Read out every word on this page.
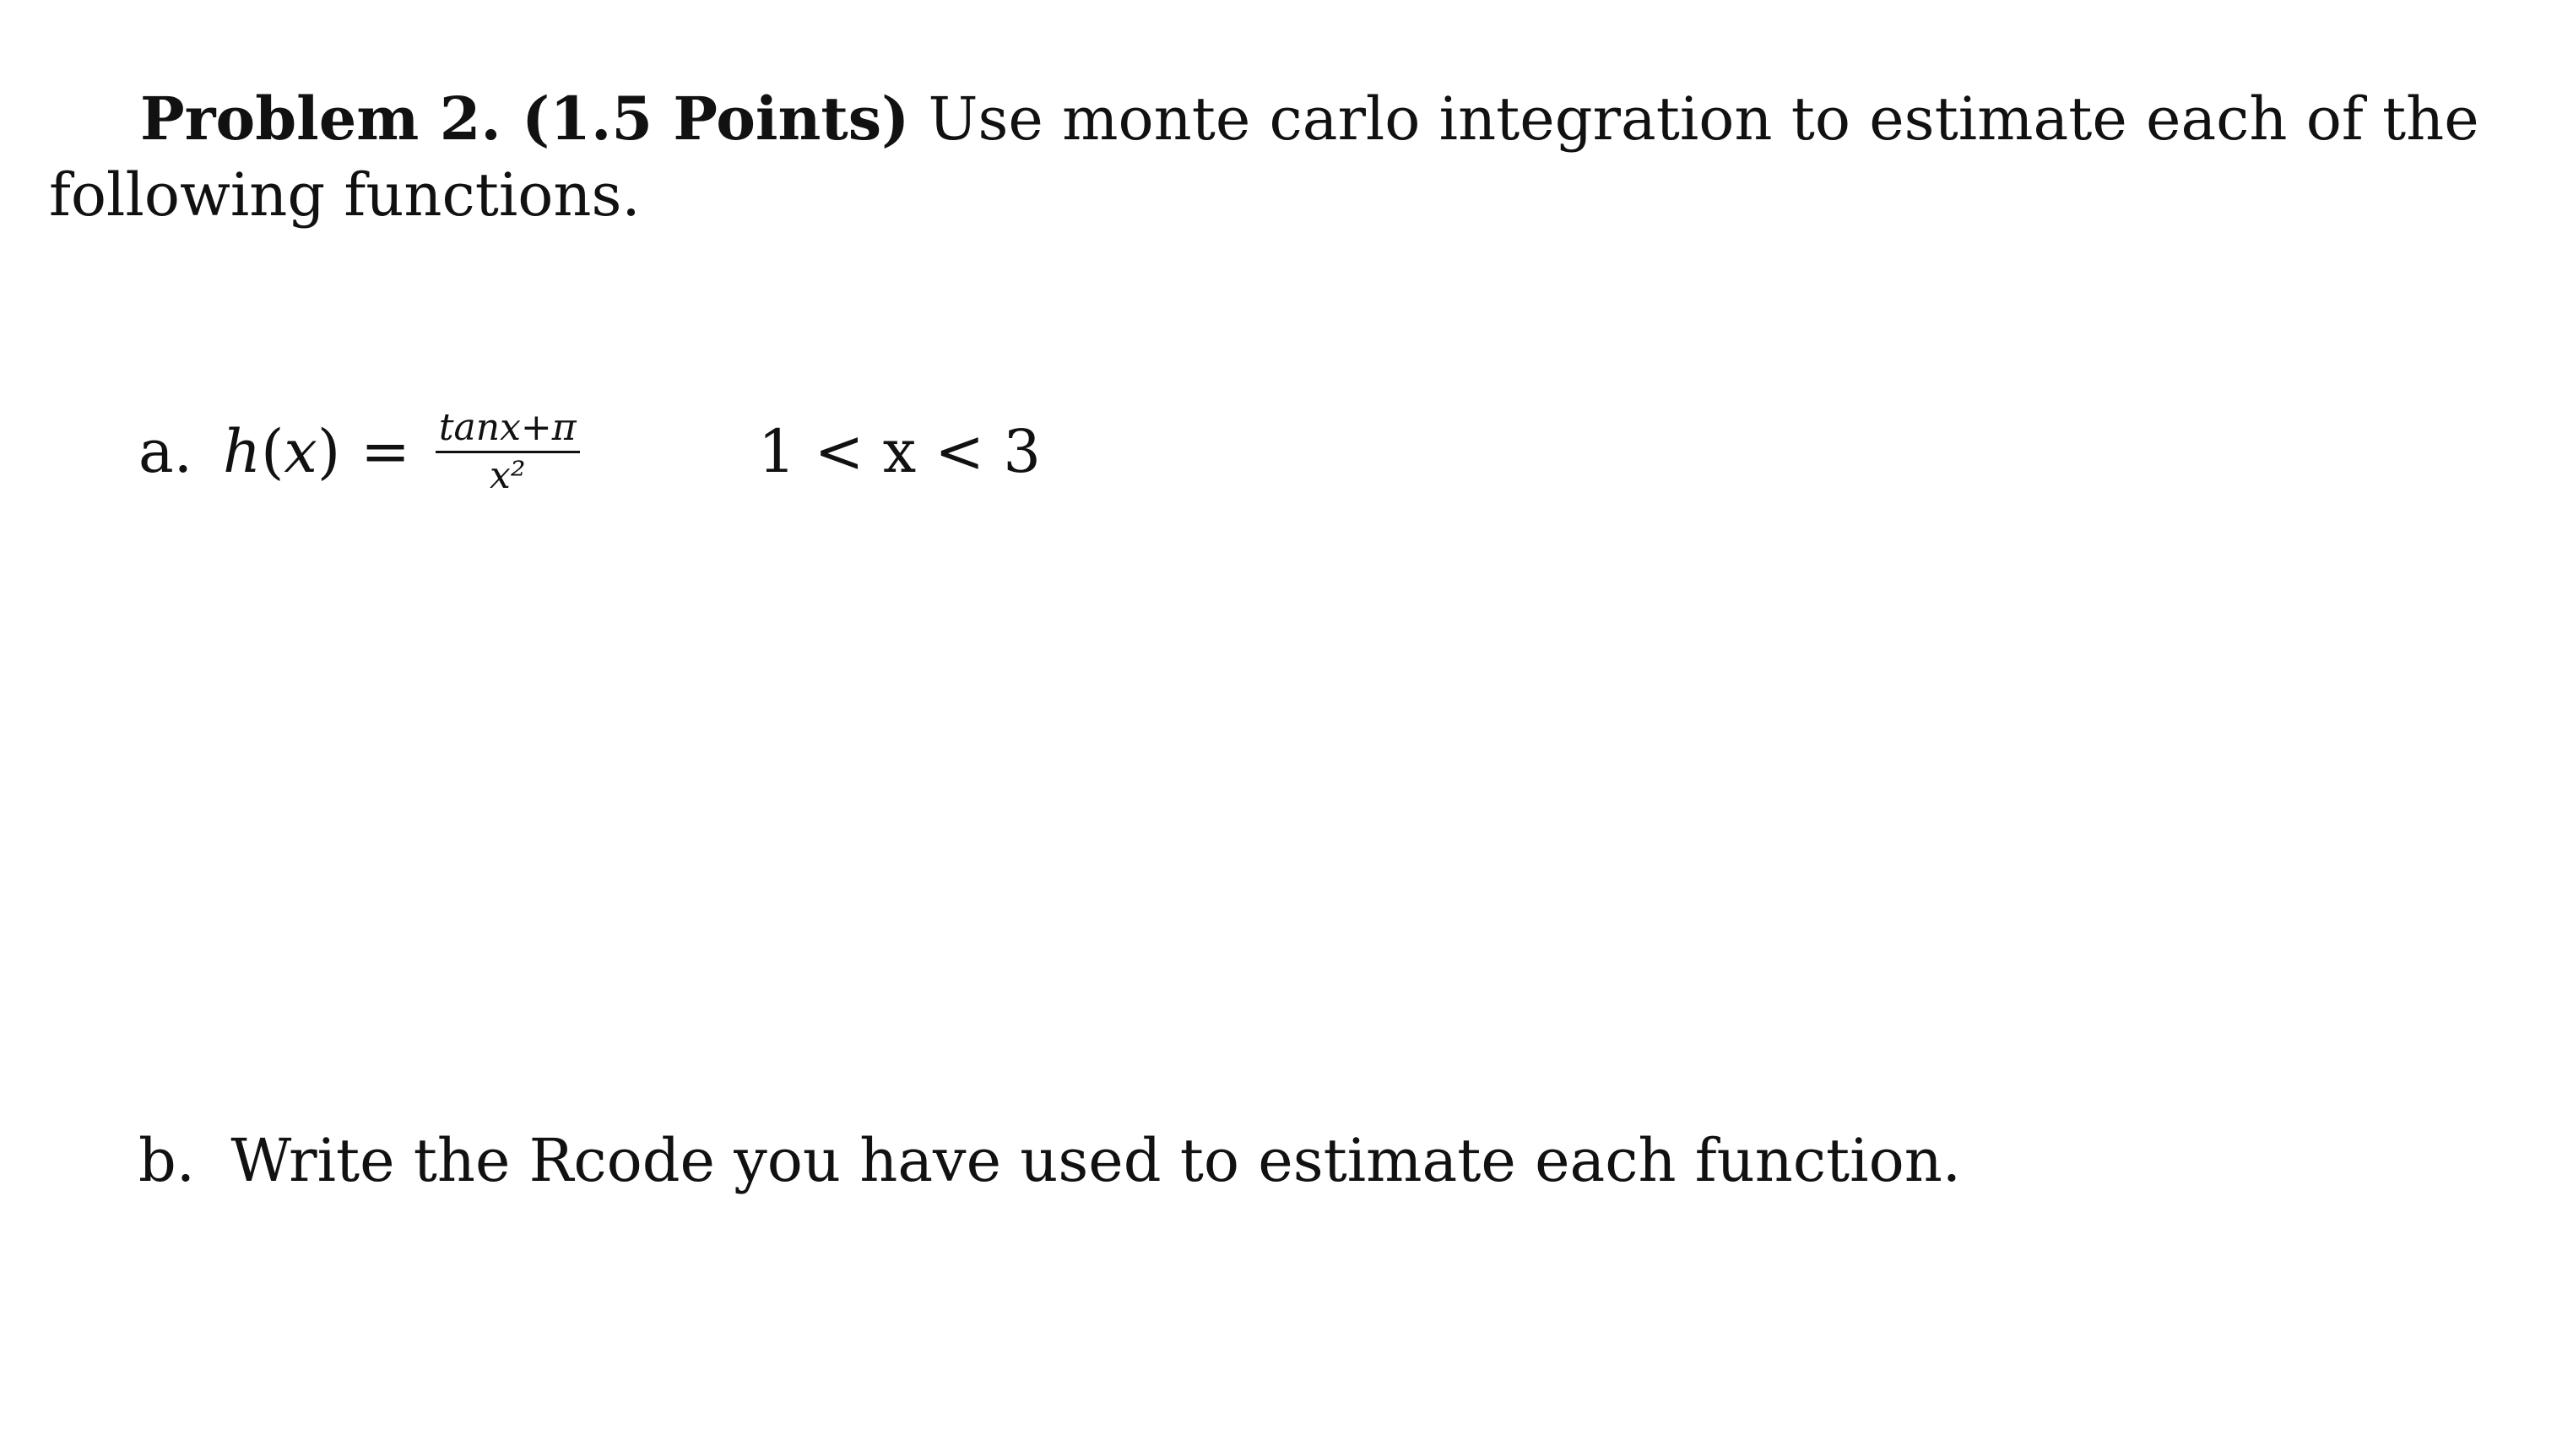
Problem 2. (1.5 Points) Use monte carlo integration to estimate each of the following functions.
a. h ( x ) = $\frac{\tan x+\pi}{\text{x²}}$	1 < x < 3
b. Write the Rcode you have used to estimate each function.
